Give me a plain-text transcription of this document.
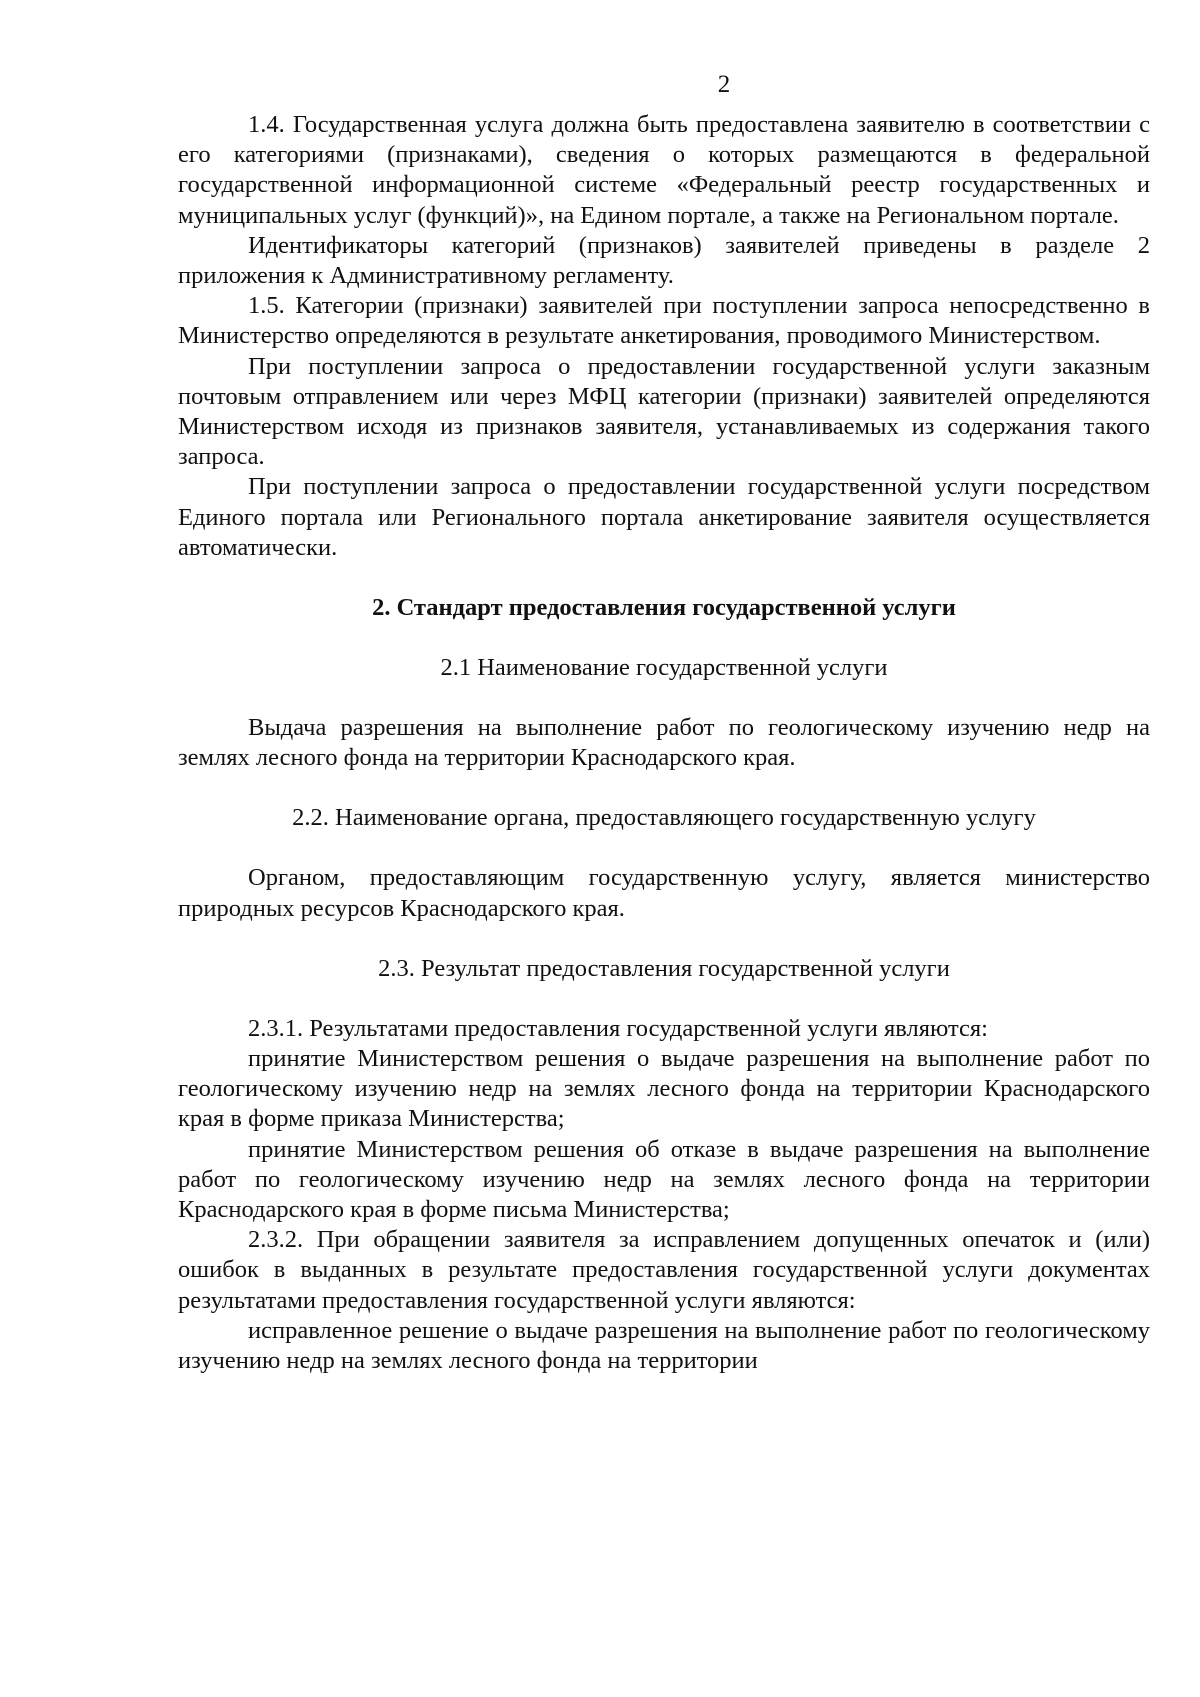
2

1.4. Государственная услуга должна быть предоставлена заявителю в соответствии с его категориями (признаками), сведения о которых размещаются в федеральной государственной информационной системе «Федеральный реестр государственных и муниципальных услуг (функций)», на Едином портале, а также на Региональном портале.

Идентификаторы категорий (признаков) заявителей приведены в разделе 2 приложения к Административному регламенту.

1.5. Категории (признаки) заявителей при поступлении запроса непосредственно в Министерство определяются в результате анкетирования, проводимого Министерством.

При поступлении запроса о предоставлении государственной услуги заказным почтовым отправлением или через МФЦ категории (признаки) заявителей определяются Министерством исходя из признаков заявителя, устанавливаемых из содержания такого запроса.

При поступлении запроса о предоставлении государственной услуги посредством Единого портала или Регионального портала анкетирование заявителя осуществляется автоматически.

2. Стандарт предоставления государственной услуги
2.1 Наименование государственной услуги

Выдача разрешения на выполнение работ по геологическому изучению недр на землях лесного фонда на территории Краснодарского края.

2.2. Наименование органа, предоставляющего государственную услугу

Органом, предоставляющим государственную услугу, является министерство природных ресурсов Краснодарского края.

2.3. Результат предоставления государственной услуги

2.3.1. Результатами предоставления государственной услуги являются:

принятие Министерством решения о выдаче разрешения на выполнение работ по геологическому изучению недр на землях лесного фонда на территории Краснодарского края в форме приказа Министерства;

принятие Министерством решения об отказе в выдаче разрешения на выполнение работ по геологическому изучению недр на землях лесного фонда на территории Краснодарского края в форме письма Министерства;

2.3.2. При обращении заявителя за исправлением допущенных опечаток и (или) ошибок в выданных в результате предоставления государственной услуги документах результатами предоставления государственной услуги являются:

исправленное решение о выдаче разрешения на выполнение работ по геологическому изучению недр на землях лесного фонда на территории
